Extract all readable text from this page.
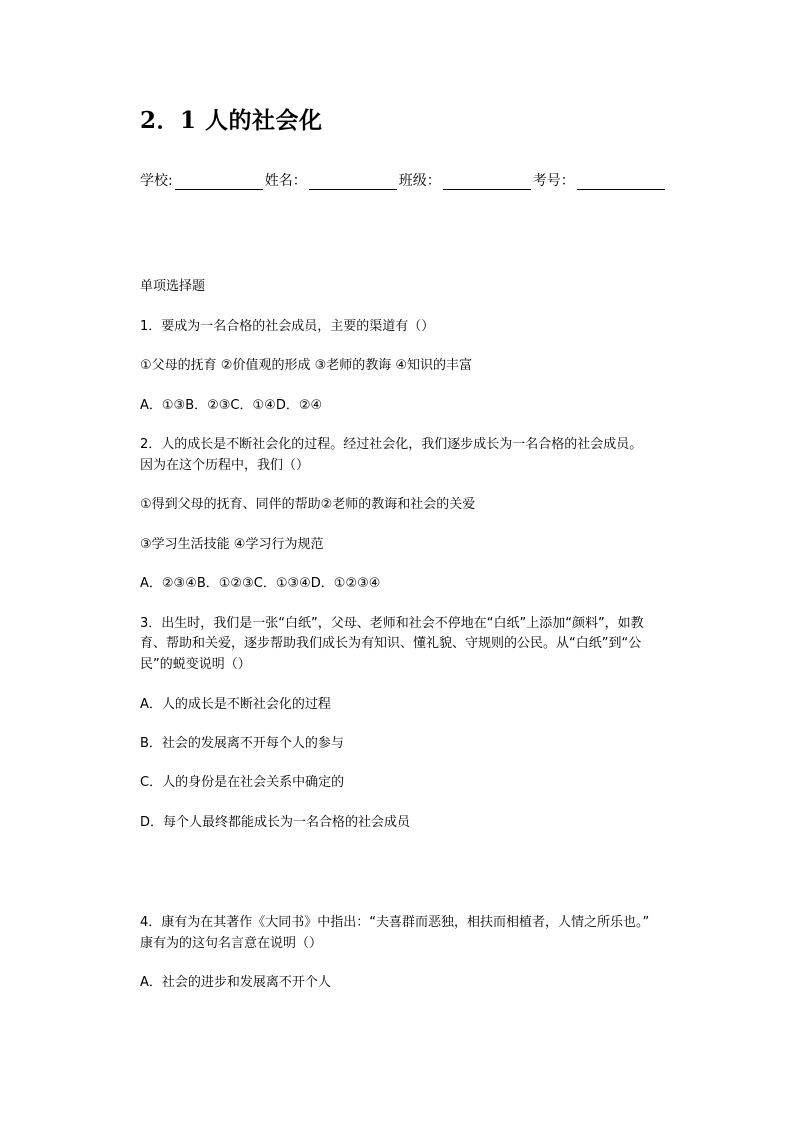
2．1 人的社会化
学校:	姓名：	班级：	考号：
单项选择题
1．要成为一名合格的社会成员，主要的渠道有（）
①父母的抚育 ②价值观的形成 ③老师的教诲 ④知识的丰富
A．①③B．②③C．①④D．②④
2．人的成长是不断社会化的过程。经过社会化，我们逐步成长为一名合格的社会成员。
因为在这个历程中，我们（）
①得到父母的抚育、同伴的帮助②老师的教诲和社会的关爱
③学习生活技能 ④学习行为规范
A．②③④B．①②③C．①③④D．①②③④
3．出生时，我们是一张“白纸”，父母、老师和社会不停地在“白纸”上添加“颜料”，如教
育、帮助和关爱，逐步帮助我们成长为有知识、懂礼貌、守规则的公民。从“白纸”到“公
民”的蜕变说明（）
A．人的成长是不断社会化的过程
B．社会的发展离不开每个人的参与
C．人的身份是在社会关系中确定的
D．每个人最终都能成长为一名合格的社会成员
4．康有为在其著作《大同书》中指出：“夫喜群而恶独，相扶而相植者，人情之所乐也。”
康有为的这句名言意在说明（）
A．社会的进步和发展离不开个人
